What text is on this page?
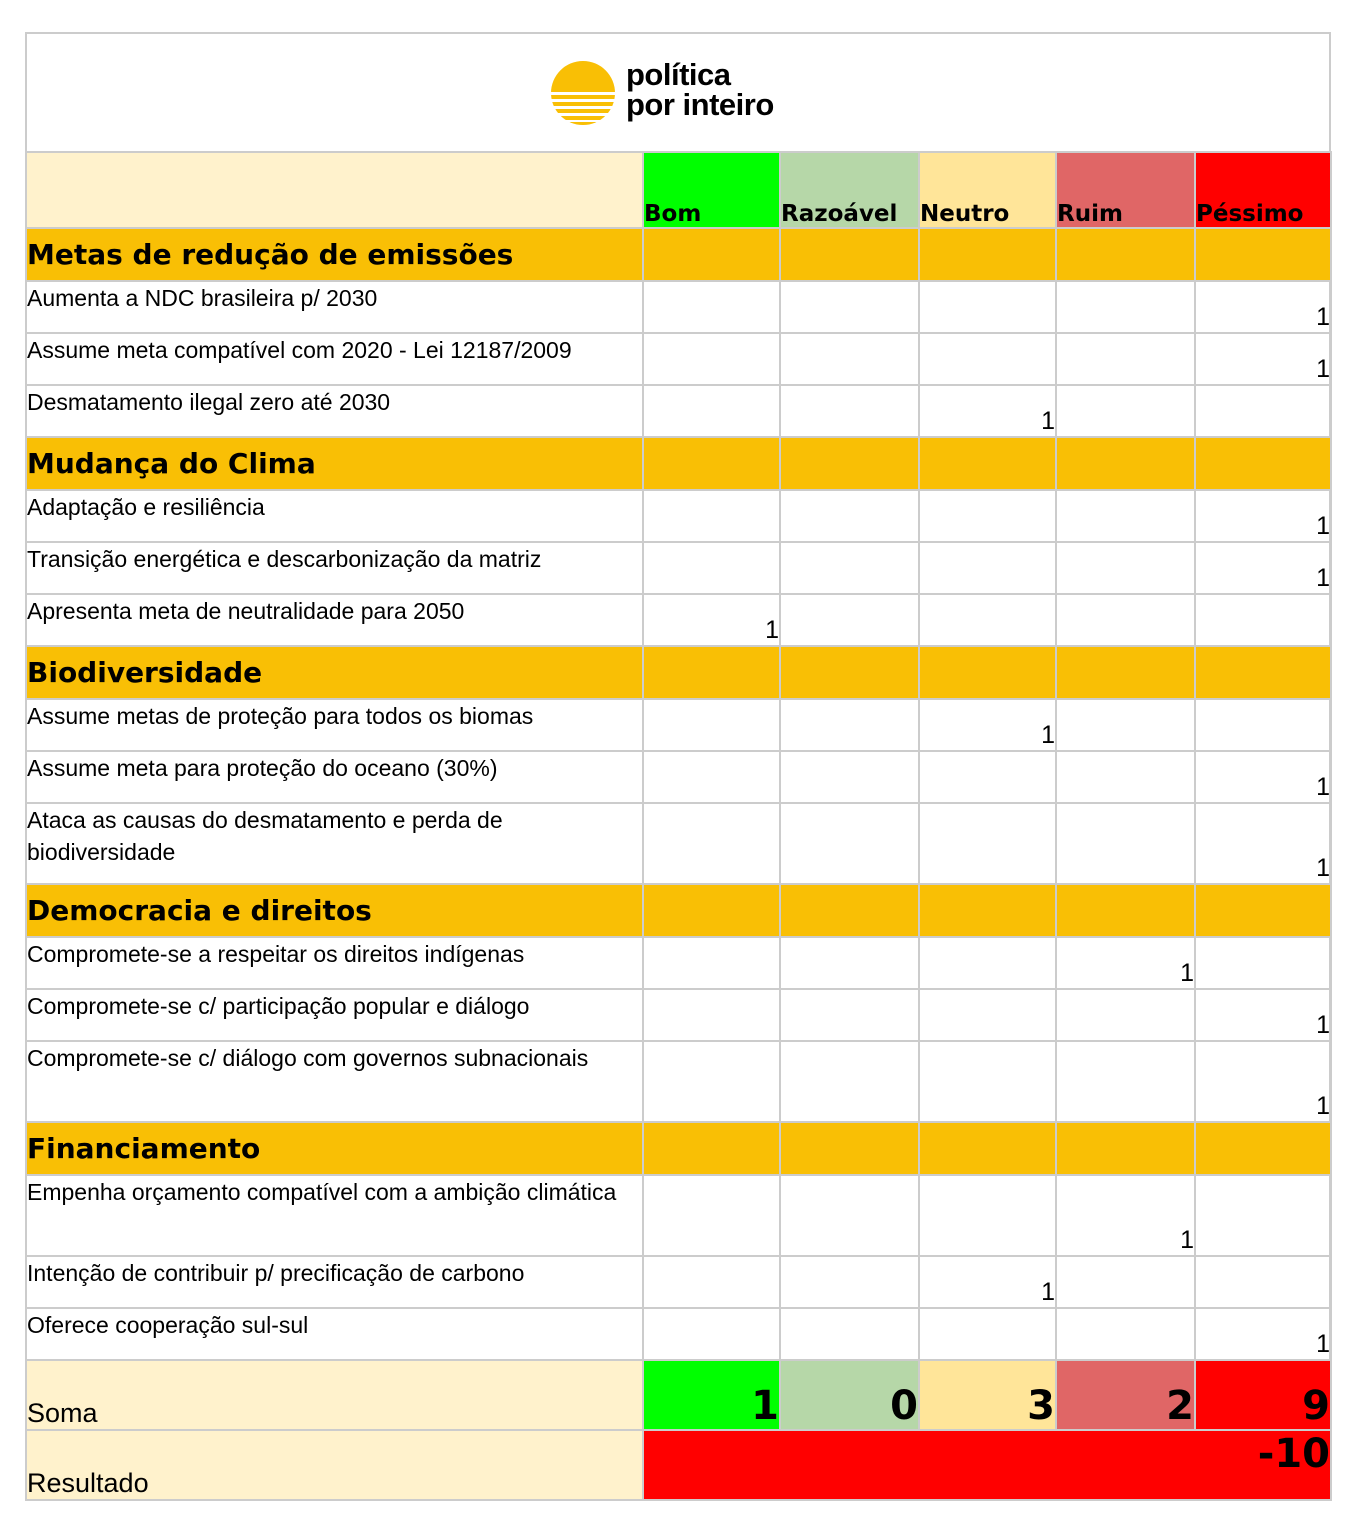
política
por inteiro
	Bom	Razoável	Neutro	Ruim	Péssimo
Metas de redução de emissões					
Aumenta a NDC brasileira p/ 2030					1
Assume meta compatível com 2020 - Lei 12187/2009					1
Desmatamento ilegal zero até 2030			1		
Mudança do Clima					
Adaptação e resiliência					1
Transição energética e descarbonização da matriz					1
Apresenta meta de neutralidade para 2050	1				
Biodiversidade					
Assume metas de proteção para todos os biomas			1		
Assume meta para proteção do oceano (30%)					1
Ataca as causas do desmatamento e perda de biodiversidade					1
Democracia e direitos					
Compromete-se a respeitar os direitos indígenas				1	
Compromete-se c/ participação popular e diálogo					1
Compromete-se c/ diálogo com governos subnacionais					1
Financiamento					
Empenha orçamento compatível com a ambição climática				1	
Intenção de contribuir p/ precificação de carbono			1		
Oferece cooperação sul-sul					1
Soma	1	0	3	2	9
Resultado	-10				
